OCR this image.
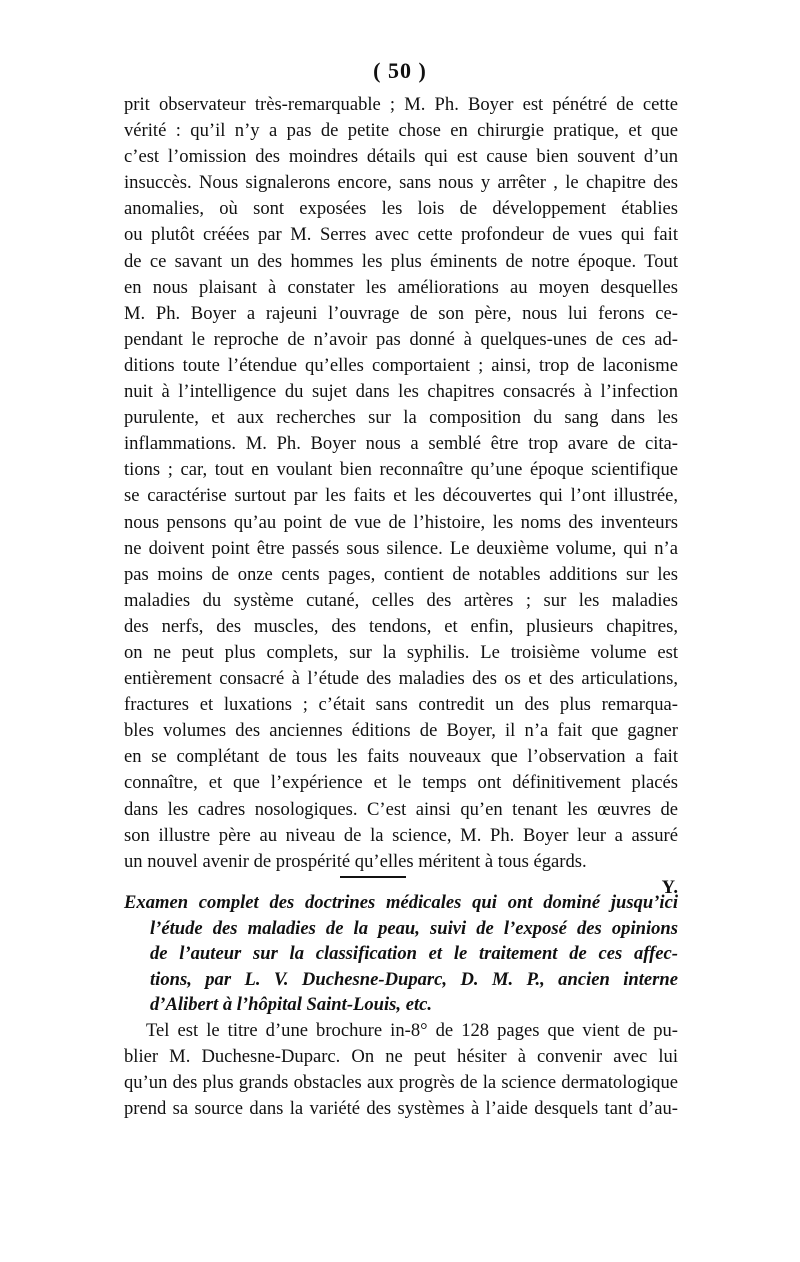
( 50 )
prit observateur très-remarquable ; M. Ph. Boyer est pénétré de cette
vérité : qu’il n’y a pas de petite chose en chirurgie pratique, et que
c’est l’omission des moindres détails qui est cause bien souvent d’un
insuccès. Nous signalerons encore, sans nous y arrêter , le chapitre des
anomalies, où sont exposées les lois de développement établies
ou plutôt créées par M. Serres avec cette profondeur de vues qui fait
de ce savant un des hommes les plus éminents de notre époque. Tout
en nous plaisant à constater les améliorations au moyen desquelles
M. Ph. Boyer a rajeuni l’ouvrage de son père, nous lui ferons ce-
pendant le reproche de n’avoir pas donné à quelques-unes de ces ad-
ditions toute l’étendue qu’elles comportaient ; ainsi, trop de laconisme
nuit à l’intelligence du sujet dans les chapitres consacrés à l’infection
purulente, et aux recherches sur la composition du sang dans les
inflammations. M. Ph. Boyer nous a semblé être trop avare de cita-
tions ; car, tout en voulant bien reconnaître qu’une époque scientifique
se caractérise surtout par les faits et les découvertes qui l’ont illustrée,
nous pensons qu’au point de vue de l’histoire, les noms des inventeurs
ne doivent point être passés sous silence. Le deuxième volume, qui n’a
pas moins de onze cents pages, contient de notables additions sur les
maladies du système cutané, celles des artères ; sur les maladies
des nerfs, des muscles, des tendons, et enfin, plusieurs chapitres,
on ne peut plus complets, sur la syphilis. Le troisième volume est
entièrement consacré à l’étude des maladies des os et des articulations,
fractures et luxations ; c’était sans contredit un des plus remarqua-
bles volumes des anciennes éditions de Boyer, il n’a fait que gagner
en se complétant de tous les faits nouveaux que l’observation a fait
connaître, et que l’expérience et le temps ont définitivement placés
dans les cadres nosologiques. C’est ainsi qu’en tenant les œuvres de
son illustre père au niveau de la science, M. Ph. Boyer leur a assuré
un nouvel avenir de prospérité qu’elles méritent à tous égards.
Y.
Examen complet des doctrines médicales qui ont dominé jusqu’ici
l’étude des maladies de la peau, suivi de l’exposé des opinions
de l’auteur sur la classification et le traitement de ces affec-
tions, par L. V. Duchesne-Duparc, D. M. P., ancien interne
d’Alibert à l’hôpital Saint-Louis, etc.
Tel est le titre d’une brochure in-8° de 128 pages que vient de pu-
blier M. Duchesne-Duparc. On ne peut hésiter à convenir avec lui
qu’un des plus grands obstacles aux progrès de la science dermatologique
prend sa source dans la variété des systèmes à l’aide desquels tant d’au-
